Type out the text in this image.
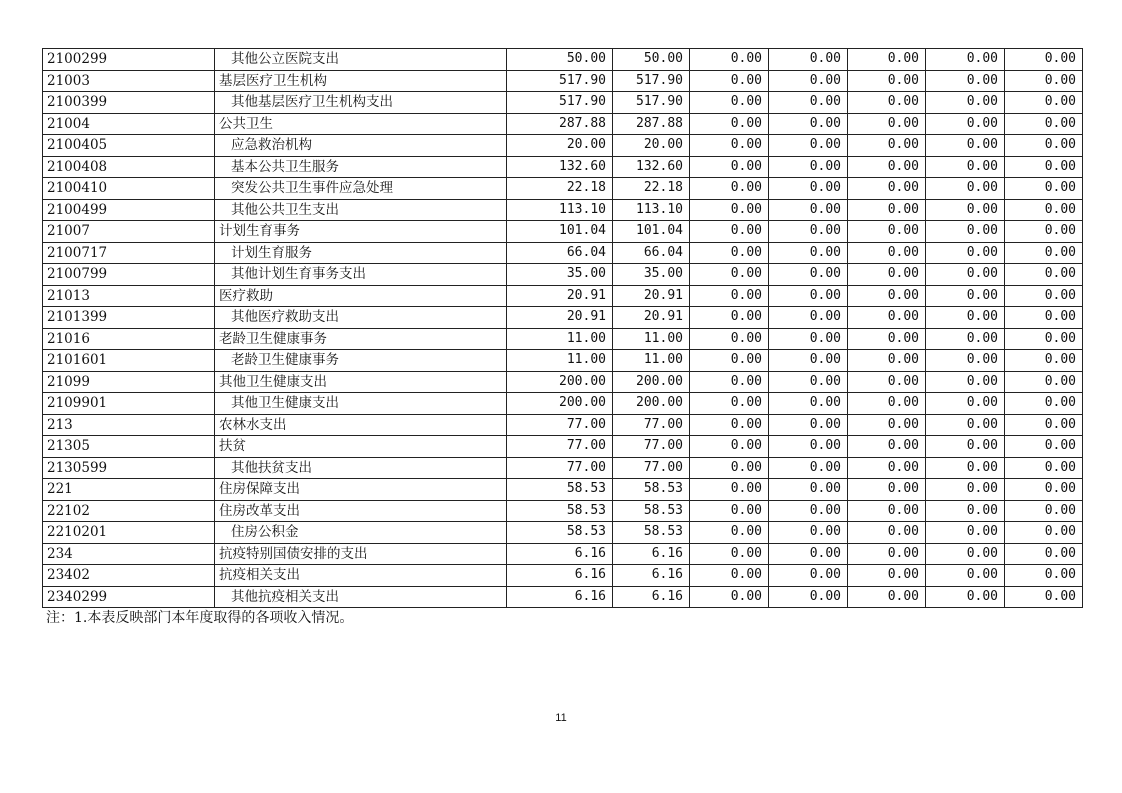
2100299	其他公立医院支出	50.00	50.00	0.00	0.00	0.00	0.00	0.00
21003	基层医疗卫生机构	517.90	517.90	0.00	0.00	0.00	0.00	0.00
2100399	其他基层医疗卫生机构支出	517.90	517.90	0.00	0.00	0.00	0.00	0.00
21004	公共卫生	287.88	287.88	0.00	0.00	0.00	0.00	0.00
2100405	应急救治机构	20.00	20.00	0.00	0.00	0.00	0.00	0.00
2100408	基本公共卫生服务	132.60	132.60	0.00	0.00	0.00	0.00	0.00
2100410	突发公共卫生事件应急处理	22.18	22.18	0.00	0.00	0.00	0.00	0.00
2100499	其他公共卫生支出	113.10	113.10	0.00	0.00	0.00	0.00	0.00
21007	计划生育事务	101.04	101.04	0.00	0.00	0.00	0.00	0.00
2100717	计划生育服务	66.04	66.04	0.00	0.00	0.00	0.00	0.00
2100799	其他计划生育事务支出	35.00	35.00	0.00	0.00	0.00	0.00	0.00
21013	医疗救助	20.91	20.91	0.00	0.00	0.00	0.00	0.00
2101399	其他医疗救助支出	20.91	20.91	0.00	0.00	0.00	0.00	0.00
21016	老龄卫生健康事务	11.00	11.00	0.00	0.00	0.00	0.00	0.00
2101601	老龄卫生健康事务	11.00	11.00	0.00	0.00	0.00	0.00	0.00
21099	其他卫生健康支出	200.00	200.00	0.00	0.00	0.00	0.00	0.00
2109901	其他卫生健康支出	200.00	200.00	0.00	0.00	0.00	0.00	0.00
213	农林水支出	77.00	77.00	0.00	0.00	0.00	0.00	0.00
21305	扶贫	77.00	77.00	0.00	0.00	0.00	0.00	0.00
2130599	其他扶贫支出	77.00	77.00	0.00	0.00	0.00	0.00	0.00
221	住房保障支出	58.53	58.53	0.00	0.00	0.00	0.00	0.00
22102	住房改革支出	58.53	58.53	0.00	0.00	0.00	0.00	0.00
2210201	住房公积金	58.53	58.53	0.00	0.00	0.00	0.00	0.00
234	抗疫特别国债安排的支出	6.16	6.16	0.00	0.00	0.00	0.00	0.00
23402	抗疫相关支出	6.16	6.16	0.00	0.00	0.00	0.00	0.00
2340299	其他抗疫相关支出	6.16	6.16	0.00	0.00	0.00	0.00	0.00
注：1.本表反映部门本年度取得的各项收入情况。
11
